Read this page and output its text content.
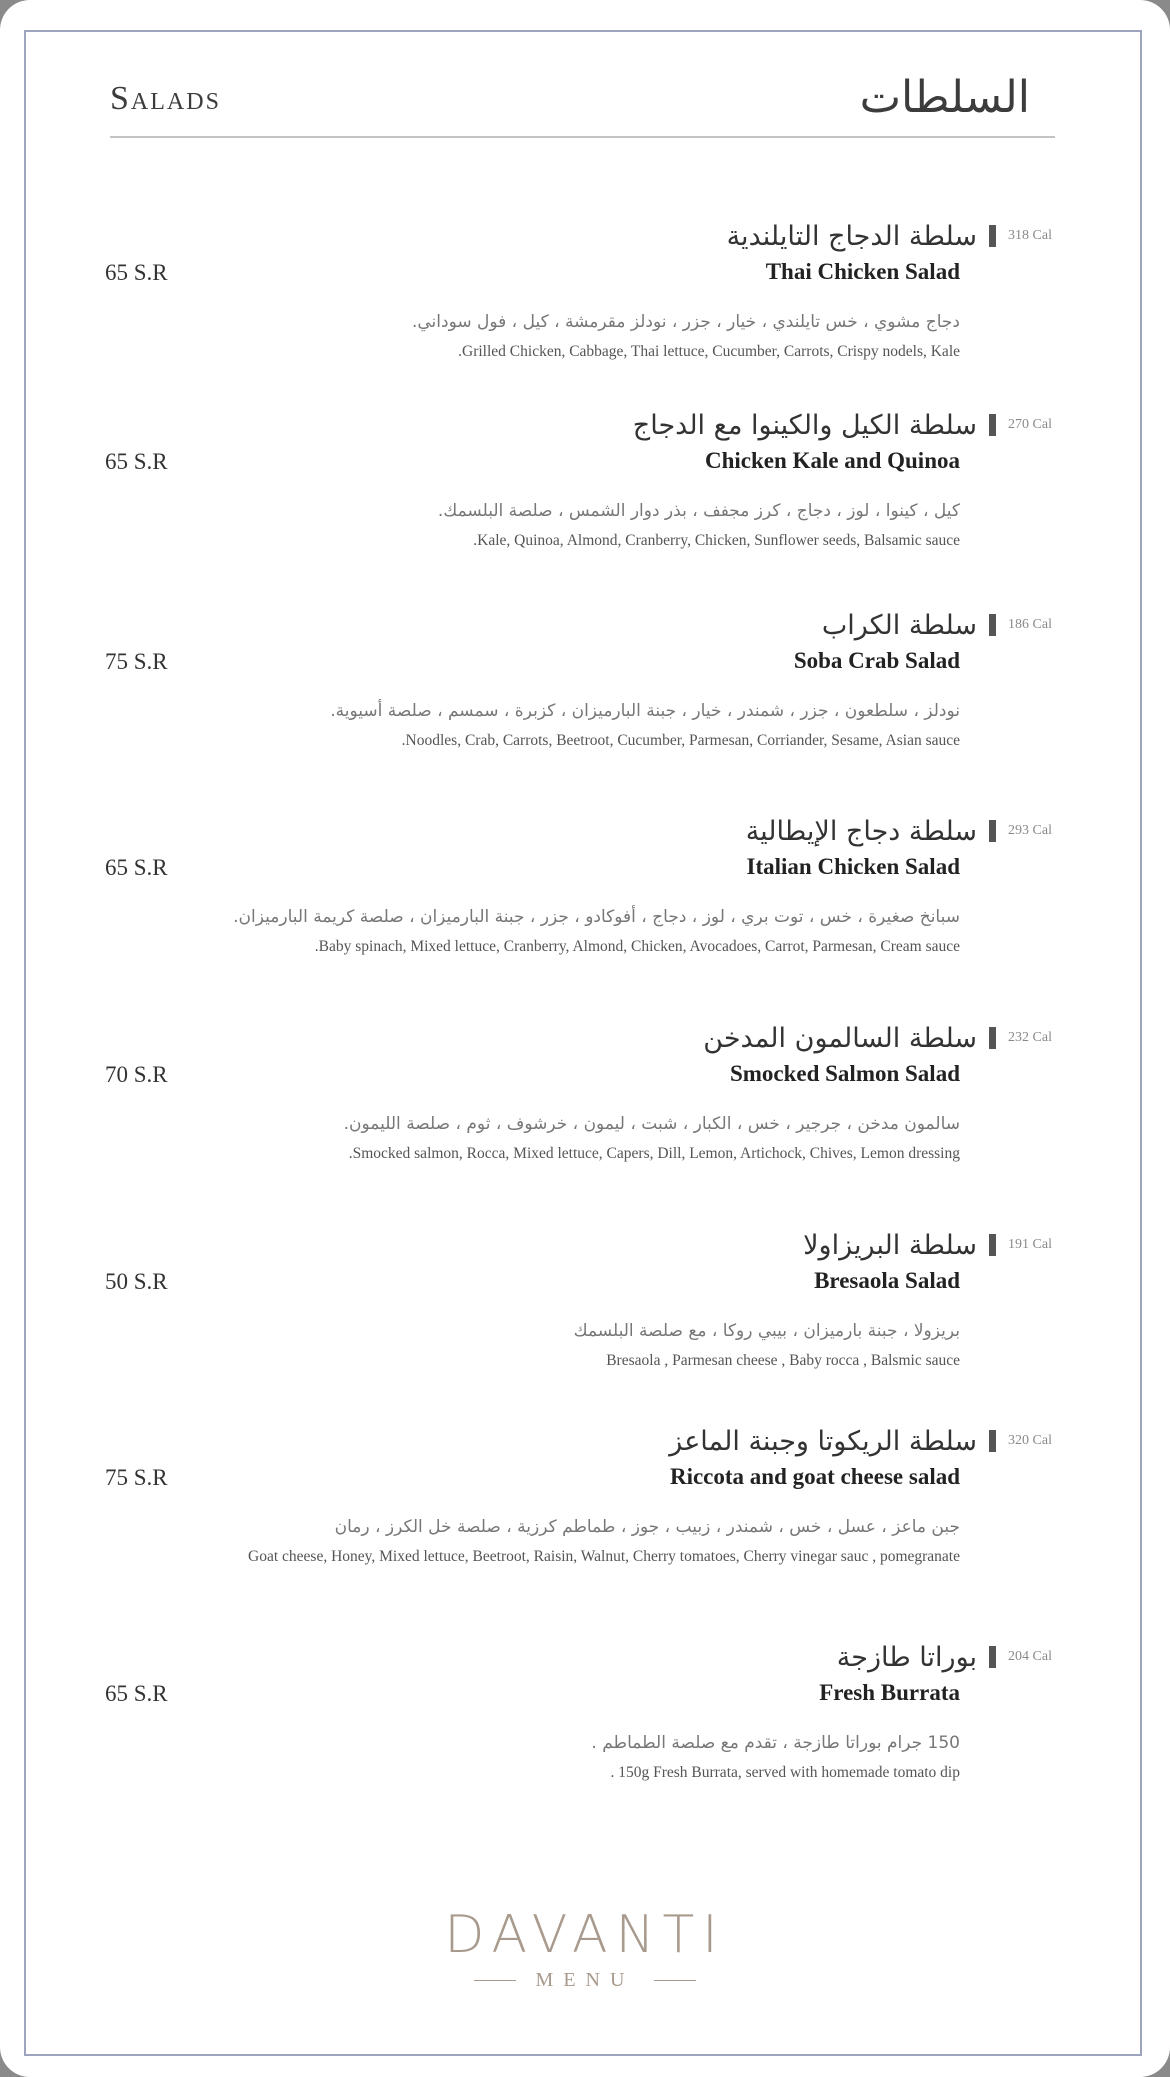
Salads	السلطات
سلطة الدجاج التايلندية 318 Cal
65 S.R	Thai Chicken Salad
دجاج مشوي ، خس تايلندي ، خيار ، جزر ، نودلز مقرمشة ، كيل ، فول سوداني.
.Grilled Chicken, Cabbage, Thai lettuce, Cucumber, Carrots, Crispy nodels, Kale
سلطة الكيل والكينوا مع الدجاج 270 Cal
65 S.R	Chicken Kale and Quinoa
كيل ، كينوا ، لوز ، دجاج ، كرز مجفف ، بذر دوار الشمس ، صلصة البلسمك.
.Kale, Quinoa, Almond, Cranberry, Chicken, Sunflower seeds, Balsamic sauce
سلطة الكراب 186 Cal
75 S.R	Soba Crab Salad
نودلز ، سلطعون ، جزر ، شمندر ، خيار ، جبنة البارميزان ، كزبرة ، سمسم ، صلصة أسيوية.
.Noodles, Crab, Carrots, Beetroot, Cucumber, Parmesan, Corriander, Sesame, Asian sauce
سلطة دجاج الإيطالية 293 Cal
65 S.R	Italian Chicken Salad
سبانخ صغيرة ، خس ، توت بري ، لوز ، دجاج ، أفوكادو ، جزر ، جبنة البارميزان ، صلصة كريمة البارميزان.
.Baby spinach, Mixed lettuce, Cranberry, Almond, Chicken, Avocadoes, Carrot, Parmesan, Cream sauce
سلطة السالمون المدخن 232 Cal
70 S.R	Smocked Salmon Salad
سالمون مدخن ، جرجير ، خس ، الكبار ، شبت ، ليمون ، خرشوف ، ثوم ، صلصة الليمون.
.Smocked salmon, Rocca, Mixed lettuce, Capers, Dill, Lemon, Artichock, Chives, Lemon dressing
سلطة البريزاولا 191 Cal
50 S.R	Bresaola Salad
بريزولا ، جبنة بارميزان ، بيبي روكا ، مع صلصة البلسمك
Bresaola , Parmesan cheese , Baby rocca , Balsmic sauce
سلطة الريكوتا وجبنة الماعز 320 Cal
75 S.R	Riccota and goat cheese salad
جبن ماعز ، عسل ، خس ، شمندر ، زبيب ، جوز ، طماطم كرزية ، صلصة خل الكرز ، رمان
Goat cheese, Honey, Mixed lettuce, Beetroot, Raisin, Walnut, Cherry tomatoes, Cherry vinegar sauc , pomegranate
بوراتا طازجة 204 Cal
65 S.R	Fresh Burrata
150 جرام بوراتا طازجة ، تقدم مع صلصة الطماطم .
. 150g Fresh Burrata, served with homemade tomato dip
DAVANTI
MENU
